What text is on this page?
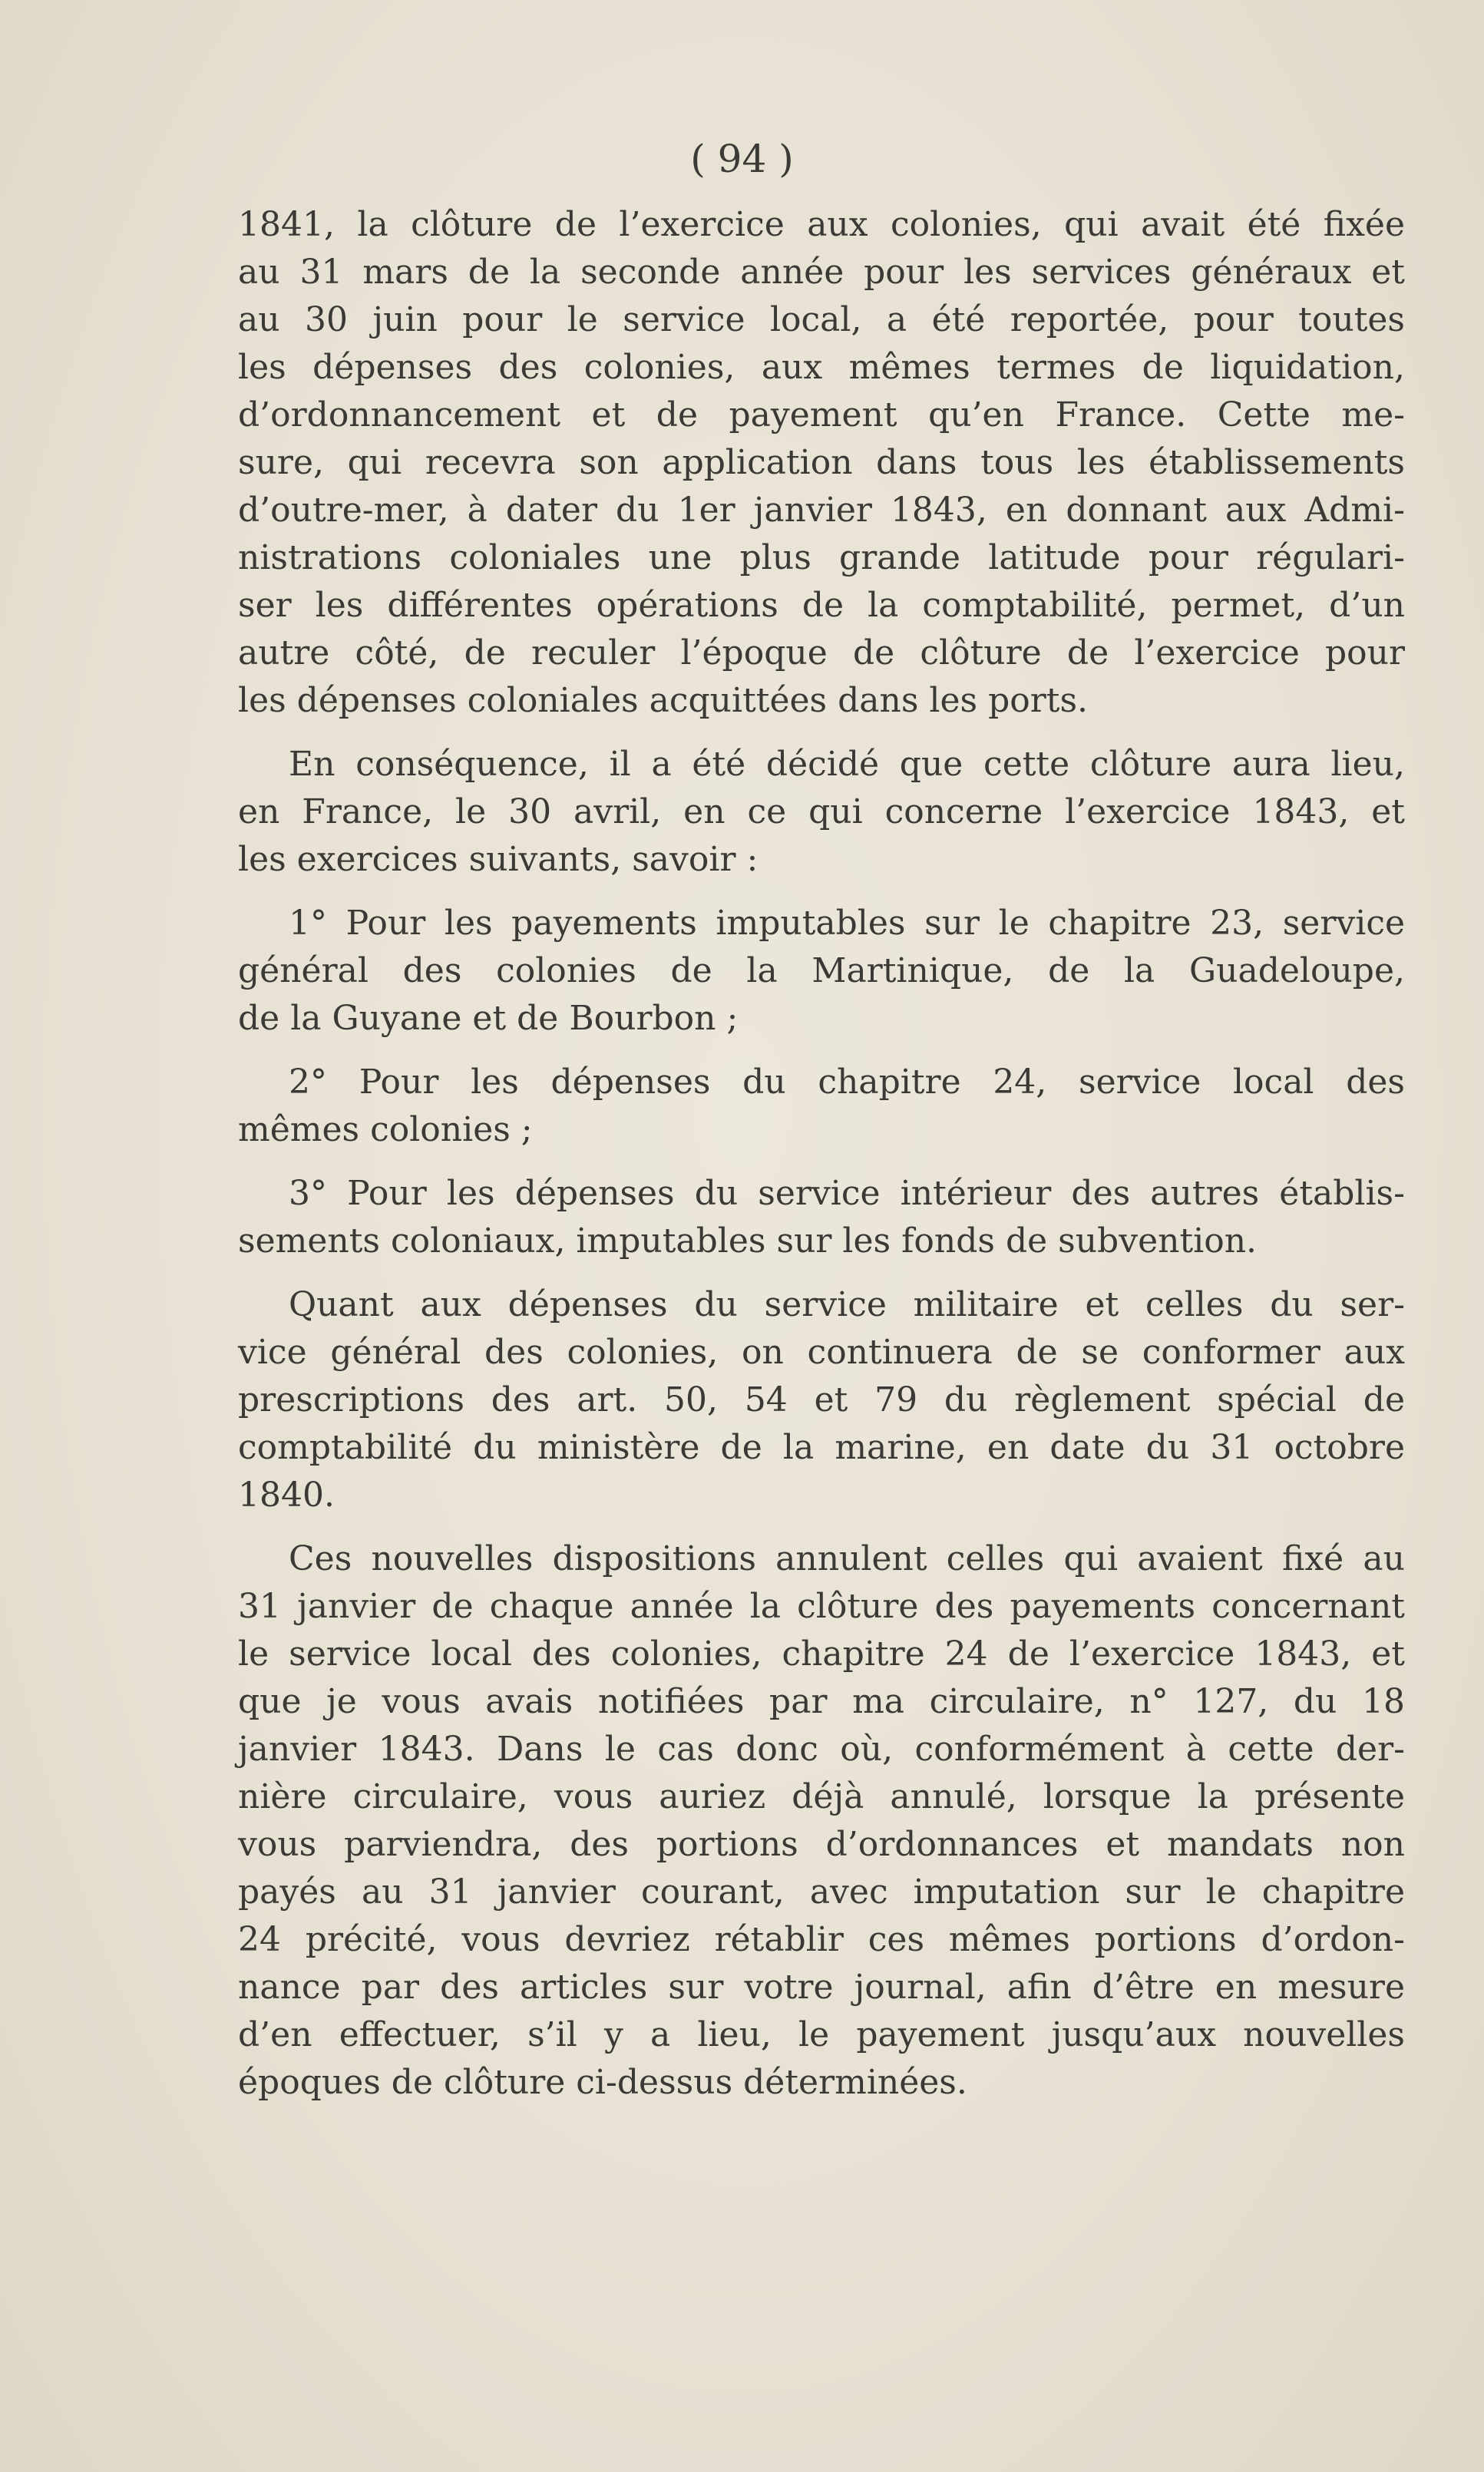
( 94 )
1841, la clôture de l’exercice aux colonies, qui avait été fixée
au 31 mars de la seconde année pour les services généraux et
au 30 juin pour le service local, a été reportée, pour toutes
les dépenses des colonies, aux mêmes termes de liquidation,
d’ordonnancement et de payement qu’en France. Cette me-
sure, qui recevra son application dans tous les établissements
d’outre-mer, à dater du 1er janvier 1843, en donnant aux Admi-
nistrations coloniales une plus grande latitude pour régulari-
ser les différentes opérations de la comptabilité, permet, d’un
autre côté, de reculer l’époque de clôture de l’exercice pour
les dépenses coloniales acquittées dans les ports.
En conséquence, il a été décidé que cette clôture aura lieu,
en France, le 30 avril, en ce qui concerne l’exercice 1843, et
les exercices suivants, savoir :
1° Pour les payements imputables sur le chapitre 23, service
général des colonies de la Martinique, de la Guadeloupe,
de la Guyane et de Bourbon ;
2° Pour les dépenses du chapitre 24, service local des
mêmes colonies ;
3° Pour les dépenses du service intérieur des autres établis-
sements coloniaux, imputables sur les fonds de subvention.
Quant aux dépenses du service militaire et celles du ser-
vice général des colonies, on continuera de se conformer aux
prescriptions des art. 50, 54 et 79 du règlement spécial de
comptabilité du ministère de la marine, en date du 31 octobre
1840.
Ces nouvelles dispositions annulent celles qui avaient fixé au
31 janvier de chaque année la clôture des payements concernant
le service local des colonies, chapitre 24 de l’exercice 1843, et
que je vous avais notifiées par ma circulaire, n° 127, du 18
janvier 1843. Dans le cas donc où, conformément à cette der-
nière circulaire, vous auriez déjà annulé, lorsque la présente
vous parviendra, des portions d’ordonnances et mandats non
payés au 31 janvier courant, avec imputation sur le chapitre
24 précité, vous devriez rétablir ces mêmes portions d’ordon-
nance par des articles sur votre journal, afin d’être en mesure
d’en effectuer, s’il y a lieu, le payement jusqu’aux nouvelles
époques de clôture ci-dessus déterminées.
